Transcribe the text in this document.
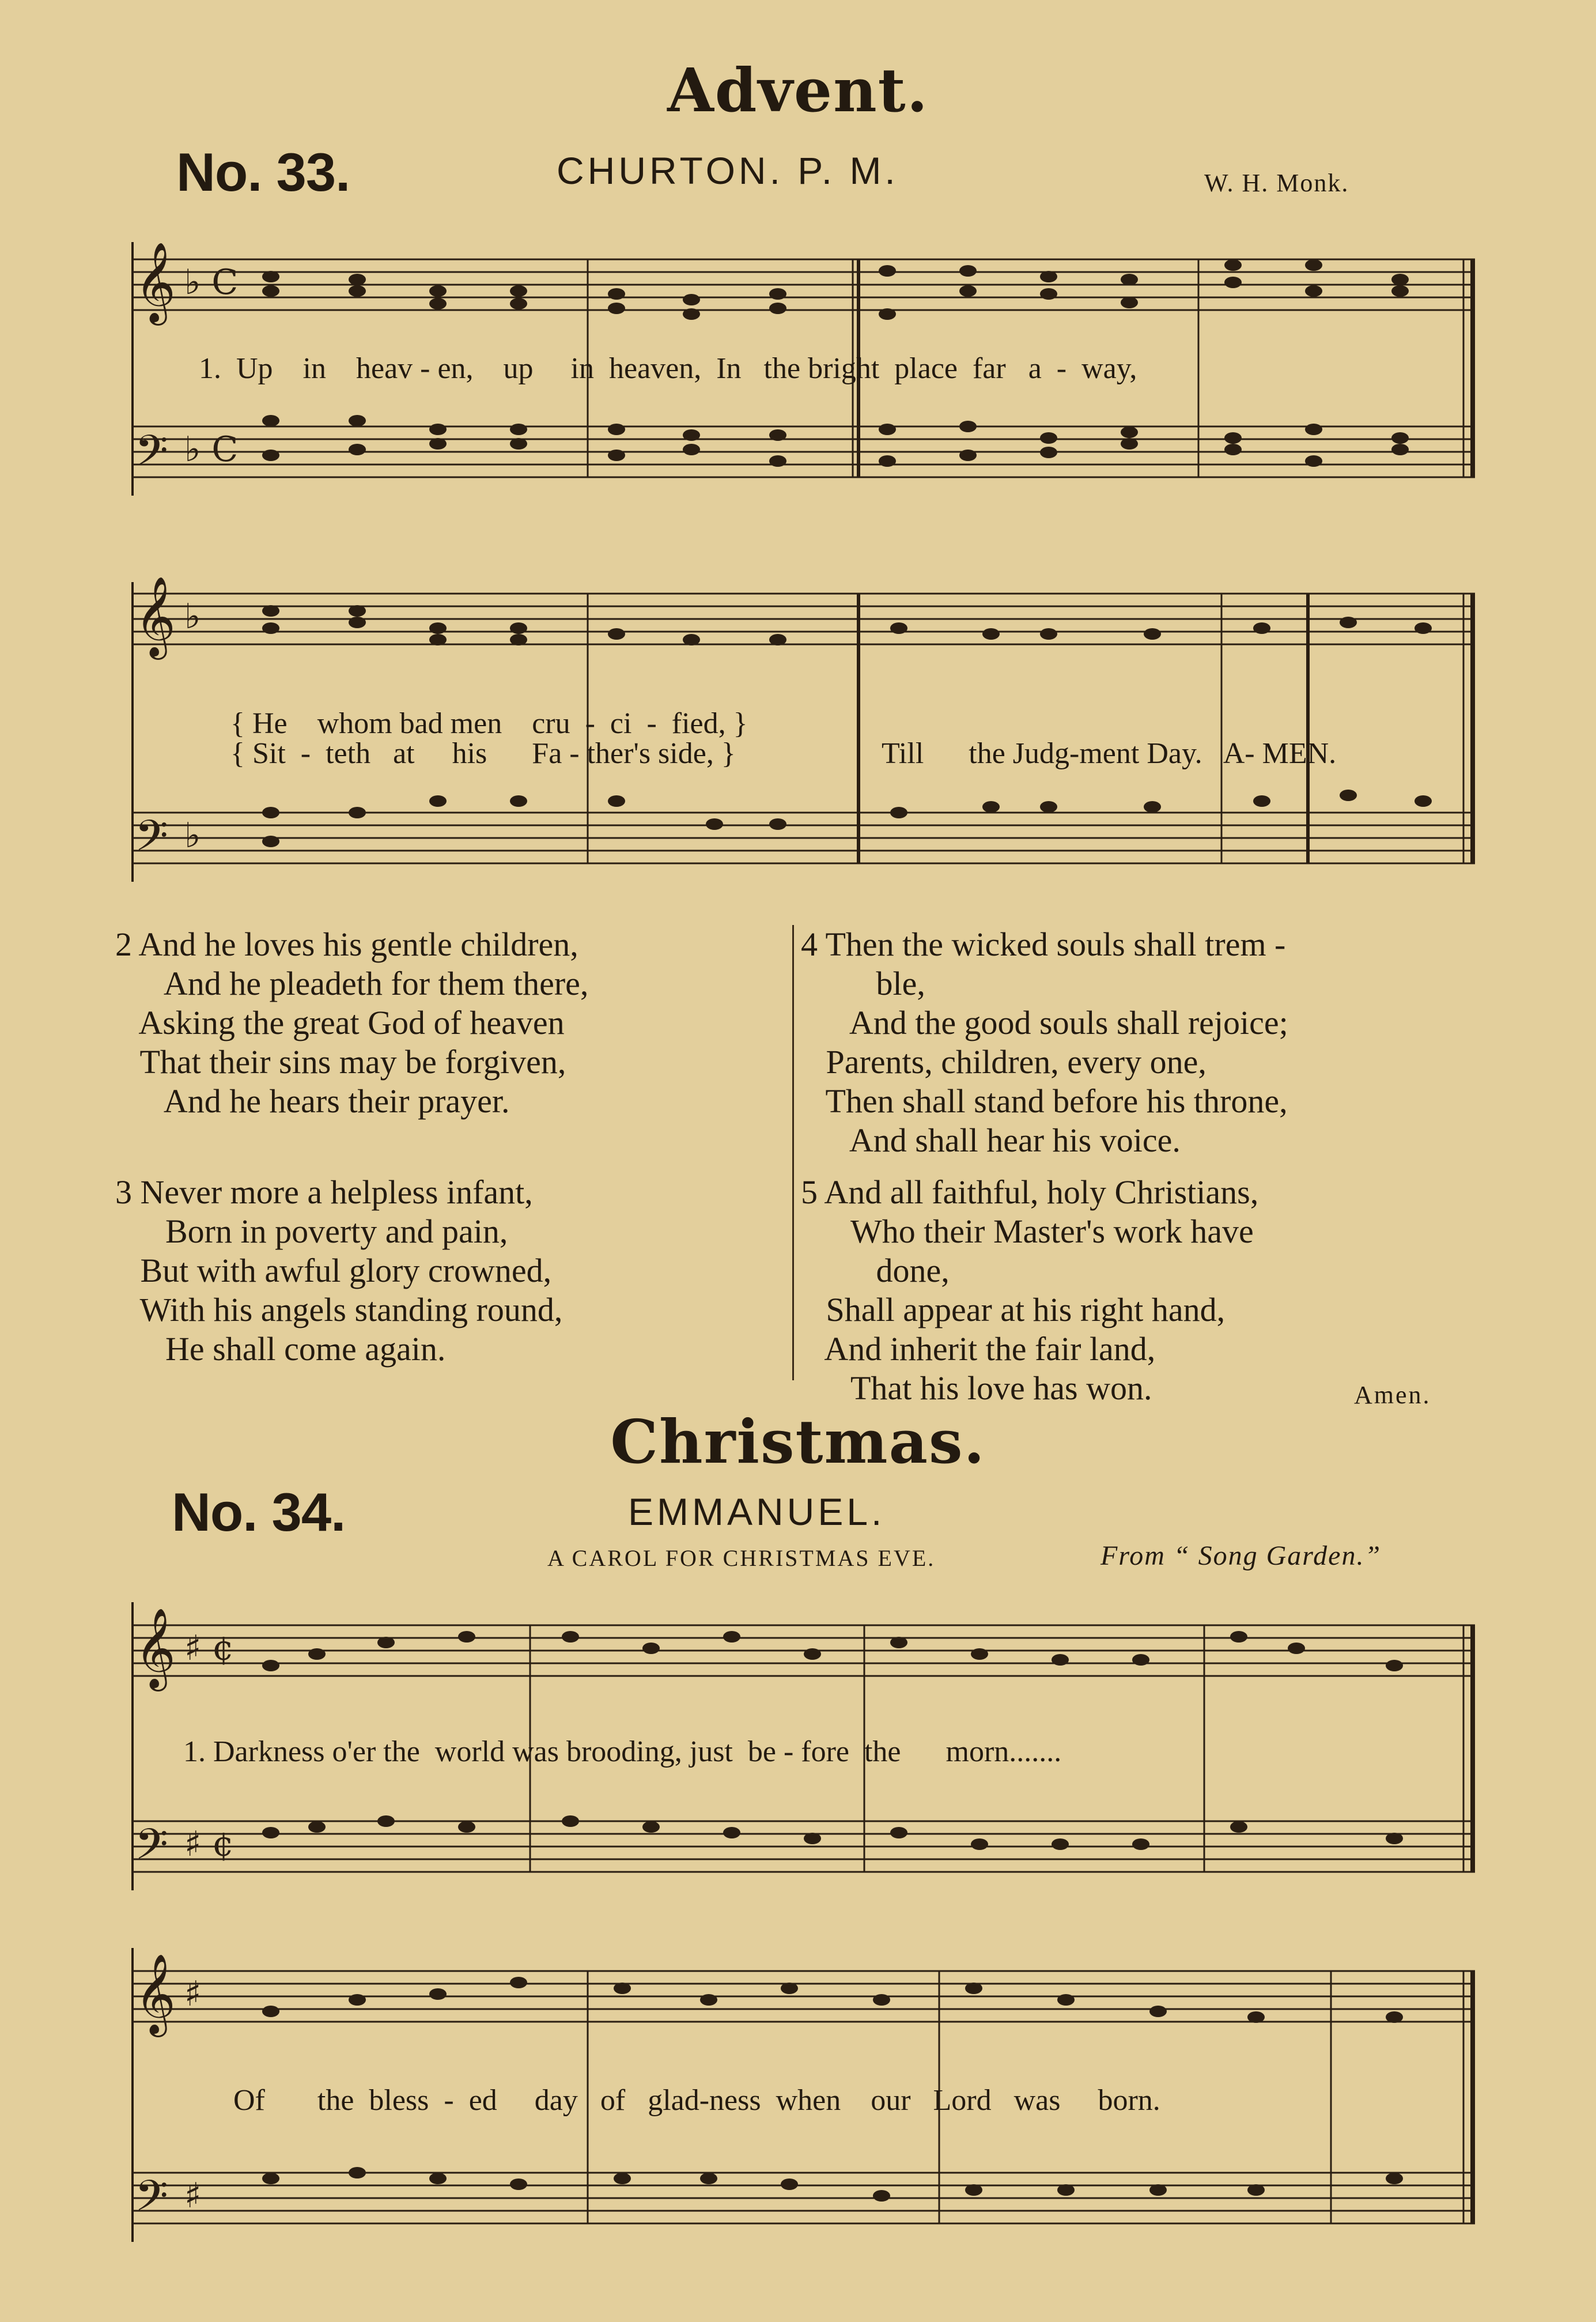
Advent.
No. 33.	CHURTON. P. M.	W. H. Monk.
𝄞
𝄢
♭ C
♭ C
1.  Up    in    heav - en,    up     in  heaven,  In   the bright  place  far   a  -  way,
𝄞
𝄢
♭
♭
{ He    whom bad men    cru  -  ci  -  fied, }
{ Sit  -  teth   at     his      Fa - ther's side, }	Till      the Judg-ment Day.   A- MEN.
2 And he loves his gentle children,
And he pleadeth for them there,
Asking the great God of heaven
That their sins may be forgiven,
And he hears their prayer.
3 Never more a helpless infant,
Born in poverty and pain,
But with awful glory crowned,
With his angels standing round,
He shall come again.
4 Then the wicked souls shall trem -
ble,
And the good souls shall rejoice;
Parents, children, every one,
Then shall stand before his throne,
And shall hear his voice.
5 And all faithful, holy Christians,
Who their Master's work have
done,
Shall appear at his right hand,
And inherit the fair land,
That his love has won.	Amen.
Christmas.
No. 34.	EMMANUEL.
A CAROL FOR CHRISTMAS EVE.	From “ Song Garden.”
𝄞
𝄢
♯ ¢
♯ ¢
1. Darkness o'er the  world was brooding, just  be - fore  the      morn.......
𝄞
𝄢
♯
♯
Of       the  bless  -  ed     day   of   glad-ness  when    our   Lord   was     born.
